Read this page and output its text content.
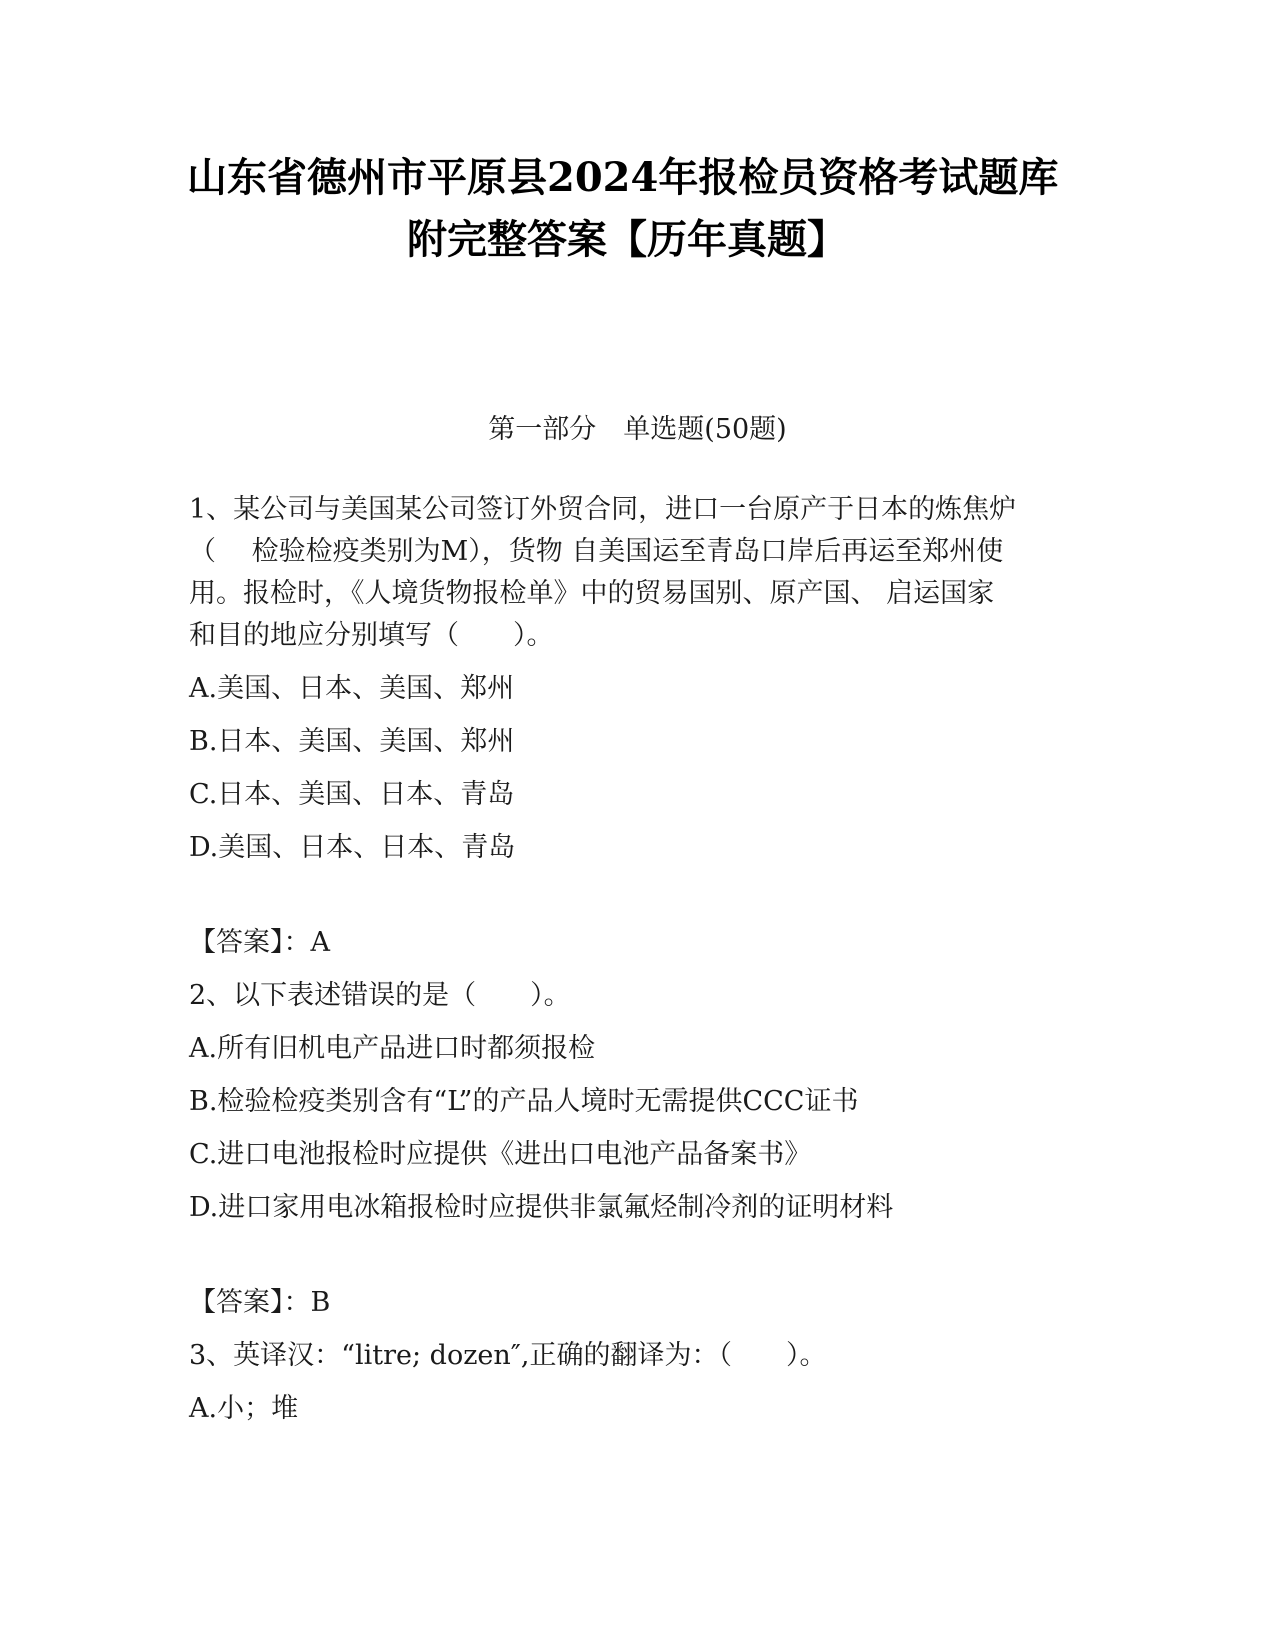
山东省德州市平原县2024年报检员资格考试题库
附完整答案【历年真题】
第一部分　单选题(50题)
1、某公司与美国某公司签订外贸合同，进口一台原产于日本的炼焦炉
（　 检验检疫类别为M），货物 自美国运至青岛口岸后再运至郑州使
用。报检时，《人境货物报检单》中的贸易国别、原产国、 启运国家
和目的地应分别填写（　　）。
A.美国、日本、美国、郑州
B.日本、美国、美国、郑州
C.日本、美国、日本、青岛
D.美国、日本、日本、青岛
【答案】：A
2、以下表述错误的是（　　）。
A.所有旧机电产品进口时都须报检
B.检验检疫类别含有“L”的产品人境时无需提供CCC证书
C.进口电池报检时应提供《进出口电池产品备案书》
D.进口家用电冰箱报检时应提供非氯氟烃制冷剂的证明材料
【答案】：B
3、英译汉：“litre; dozen″,正确的翻译为：（　　）。
A.小；堆
